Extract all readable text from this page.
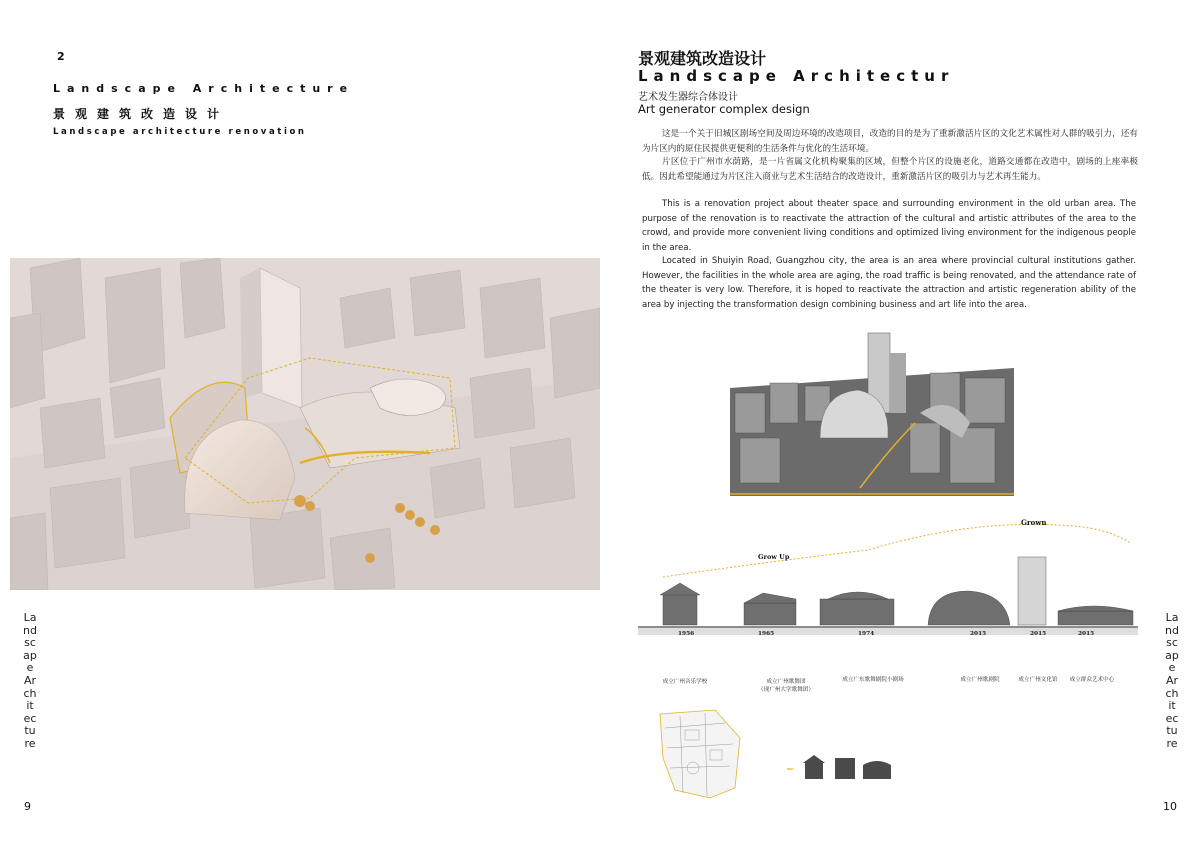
2
Landscape Architecture
景观建筑改造设计
Landscape architecture renovation
Landscape Architecture
9
景观建筑改造设计
Landscape Architectur
艺术发生器综合体设计
Art generator complex design
这是一个关于旧城区剧场空间及周边环境的改造项目，改造的目的是为了重新激活片区的文化艺术属性对人群的吸引力，还有为片区内的原住民提供更便利的生活条件与优化的生活环境。
片区位于广州市水荫路，是一片省属文化机构聚集的区域，但整个片区的设施老化，道路交通都在改造中，剧场的上座率极低。因此希望能通过为片区注入商业与艺术生活结合的改造设计，重新激活片区的吸引力与艺术再生能力。
This is a renovation project about theater space and surrounding environment in the old urban area. The purpose of the renovation is to reactivate the attraction of the cultural and artistic attributes of the area to the crowd, and provide more convenient living conditions and optimized living environment for the indigenous people in the area.
Located in Shuiyin Road, Guangzhou city, the area is an area where provincial cultural institutions gather. However, the facilities in the whole area are aging, the road traffic is being renovated, and the attendance rate of the theater is very low. Therefore, it is hoped to reactivate the attraction and artistic regeneration ability of the area by injecting the transformation design combining business and art life into the area.
Grown
Grow Up
1956	1965	1974	2015	2015	2015
成立广州音乐学校	成立广州歌舞团
（现广州大学歌舞团）
成立广东歌舞剧院小剧场	成立广州歌剧院	成立广州文化馆	成立群众艺术中心
Landscape Architecture
10
